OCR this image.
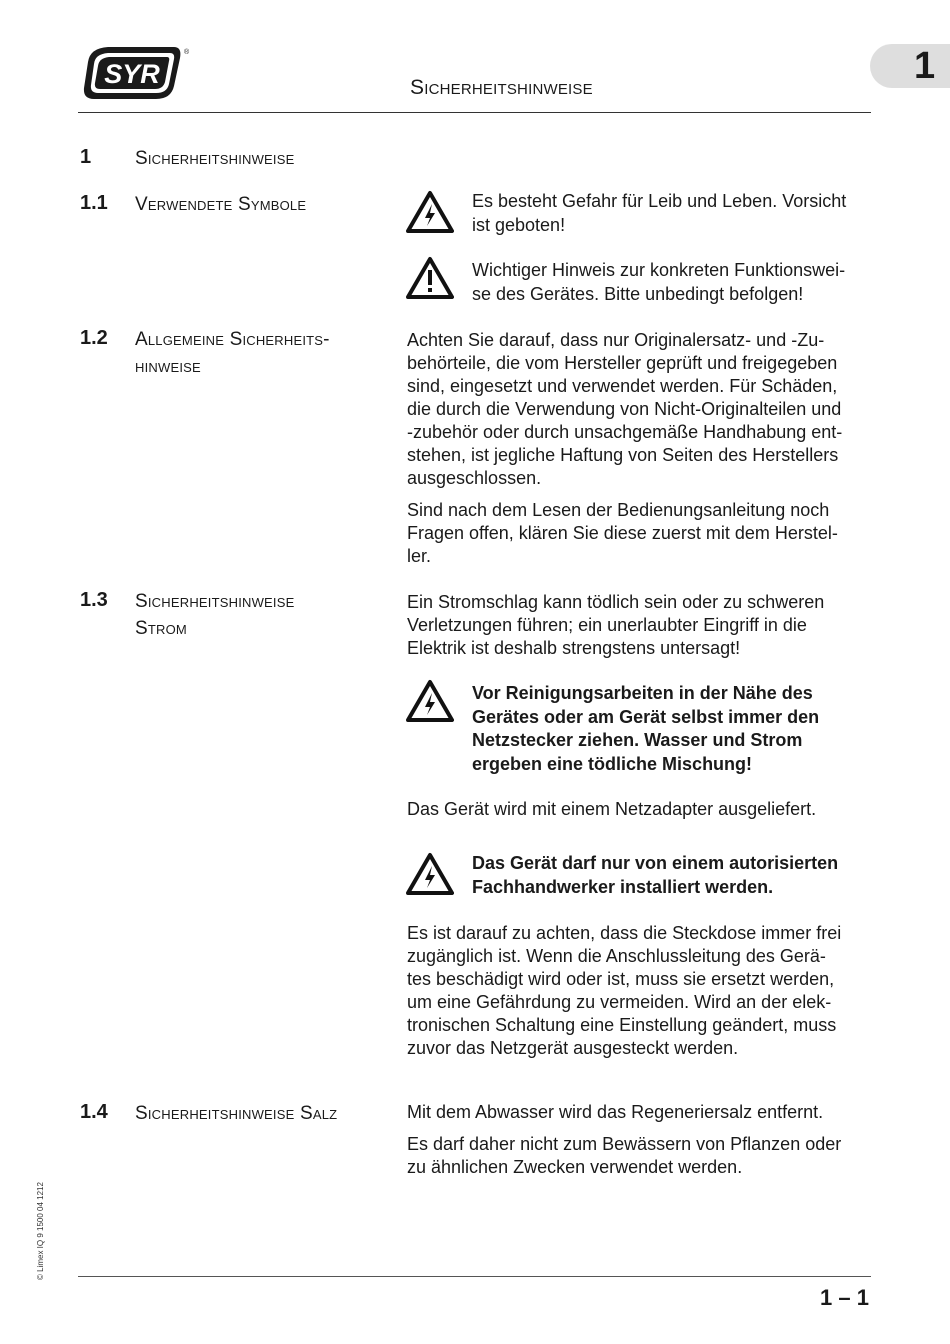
SYR
®
Sicherheitshinweise
1
1 Sicherheitshinweise
1.1 Verwendete Symbole	Es besteht Gefahr für Leib und Leben. Vorsicht
ist geboten!
Wichtiger Hinweis zur konkreten Funktionswei-
se des Gerätes. Bitte unbedingt befolgen!
1.2 Allgemeine Sicherheits-
hinweise
Achten Sie darauf, dass nur Originalersatz- und -Zu-
behörteile, die vom Hersteller geprüft und freigegeben
sind, eingesetzt und verwendet werden. Für Schäden,
die durch die Verwendung von Nicht-Originalteilen und
-zubehör oder durch unsachgemäße Handhabung ent-
stehen, ist jegliche Haftung von Seiten des Herstellers
ausgeschlossen.
Sind nach dem Lesen der Bedienungsanleitung noch
Fragen offen, klären Sie diese zuerst mit dem Herstel-
ler.
1.3 Sicherheitshinweise
Strom
Ein Stromschlag kann tödlich sein oder zu schweren
Verletzungen führen; ein unerlaubter Eingriff in die
Elektrik ist deshalb strengstens untersagt!
Vor Reinigungsarbeiten in der Nähe des
Gerätes oder am Gerät selbst immer den
Netzstecker ziehen. Wasser und Strom
ergeben eine tödliche Mischung!
Das Gerät wird mit einem Netzadapter ausgeliefert.
Das Gerät darf nur von einem autorisierten
Fachhandwerker installiert werden.
Es ist darauf zu achten, dass die Steckdose immer frei
zugänglich ist. Wenn die Anschlussleitung des Gerä-
tes beschädigt wird oder ist, muss sie ersetzt werden,
um eine Gefährdung zu vermeiden. Wird an der elek-
tronischen Schaltung eine Einstellung geändert, muss
zuvor das Netzgerät ausgesteckt werden.
1.4 Sicherheitshinweise Salz	Mit dem Abwasser wird das Regeneriersalz entfernt.
Es darf daher nicht zum Bewässern von Pflanzen oder
zu ähnlichen Zwecken verwendet werden.
© Limex IQ 9 1500 04 1212
1 – 1
